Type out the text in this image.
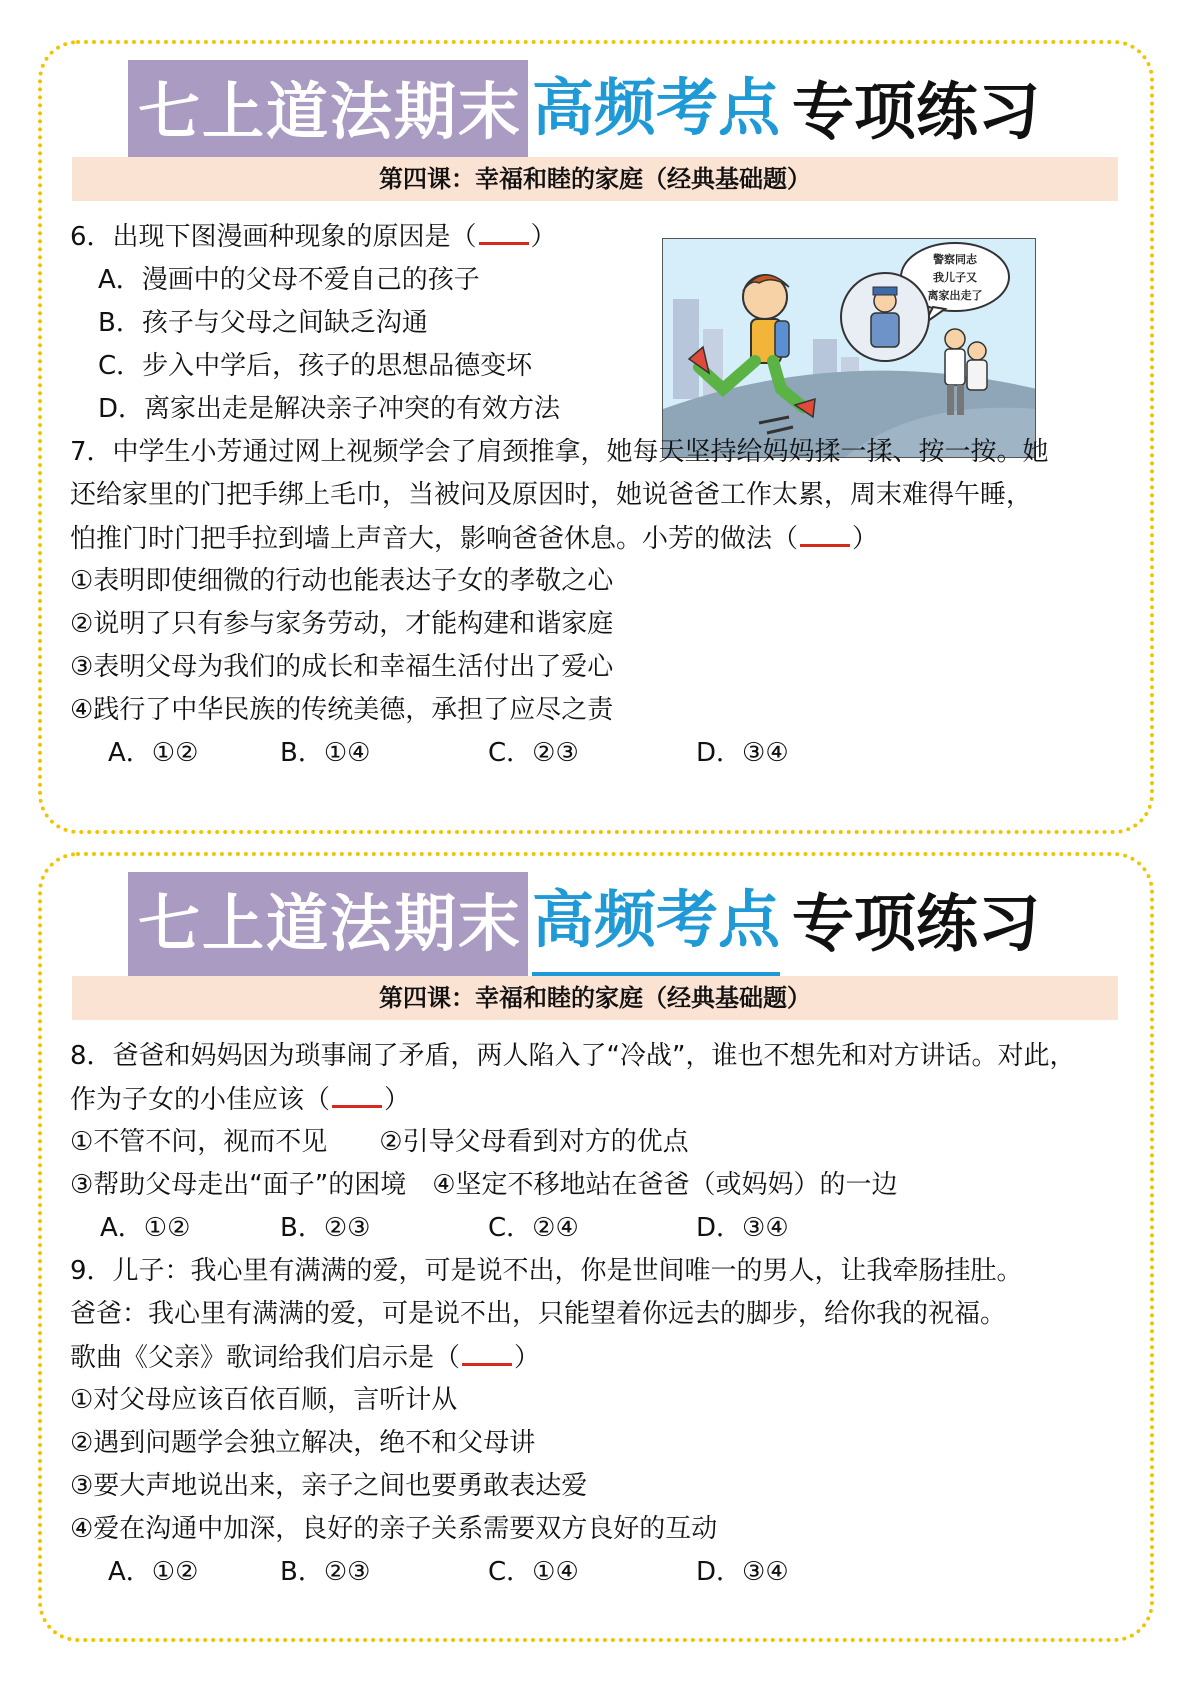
七上道法期末 高频考点 专项练习
第四课：幸福和睦的家庭（经典基础题）
6．出现下图漫画种现象的原因是（ ）
A．漫画中的父母不爱自己的孩子
B．孩子与父母之间缺乏沟通
C．步入中学后，孩子的思想品德变坏
D．离家出走是解决亲子冲突的有效方法
警察同志
我儿子又
离家出走了
7．中学生小芳通过网上视频学会了肩颈推拿，她每天坚持给妈妈揉一揉、按一按。她
还给家里的门把手绑上毛巾，当被问及原因时，她说爸爸工作太累，周末难得午睡，
怕推门时门把手拉到墙上声音大，影响爸爸休息。小芳的做法（ ）
①表明即使细微的行动也能表达子女的孝敬之心
②说明了只有参与家务劳动，才能构建和谐家庭
③表明父母为我们的成长和幸福生活付出了爱心
④践行了中华民族的传统美德，承担了应尽之责
A．①②	B．①④	C．②③	D．③④
七上道法期末 高频考点 专项练习
第四课：幸福和睦的家庭（经典基础题）
8．爸爸和妈妈因为琐事闹了矛盾，两人陷入了“冷战”，谁也不想先和对方讲话。对此，
作为子女的小佳应该（ ）
①不管不问，视而不见　　②引导父母看到对方的优点
③帮助父母走出“面子”的困境　④坚定不移地站在爸爸（或妈妈）的一边
A．①②	B．②③	C．②④	D．③④
9．儿子：我心里有满满的爱，可是说不出，你是世间唯一的男人，让我牵肠挂肚。
爸爸：我心里有满满的爱，可是说不出，只能望着你远去的脚步，给你我的祝福。
歌曲《父亲》歌词给我们启示是（ ）
①对父母应该百依百顺，言听计从
②遇到问题学会独立解决，绝不和父母讲
③要大声地说出来，亲子之间也要勇敢表达爱
④爱在沟通中加深，良好的亲子关系需要双方良好的互动
A．①②	B．②③	C．①④	D．③④
